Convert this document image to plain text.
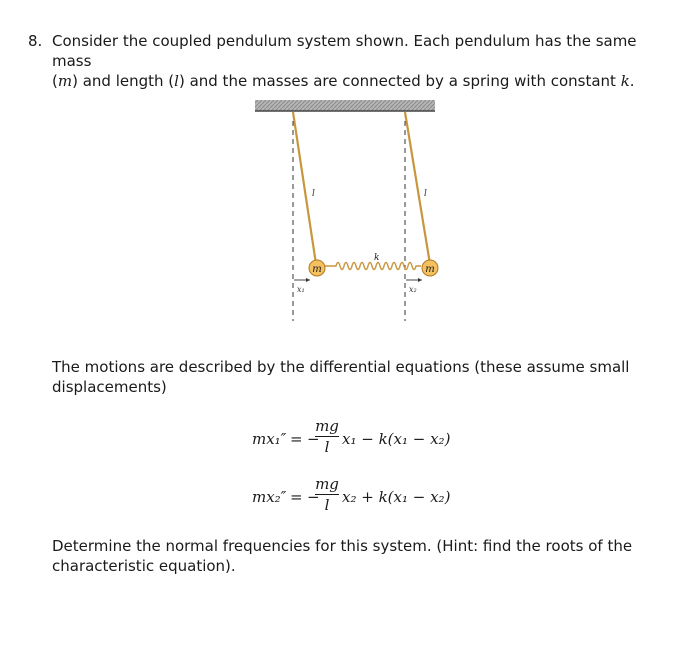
8. Consider the coupled pendulum system shown. Each pendulum has the same mass
(m) and length (l) and the masses are connected by a spring with constant k.
m	m
l	l
k
x₁	x₂
The motions are described by the differential equations (these assume small displacements)
mx₁″ = −
mg
l x₁ − k(x₁ − x₂)
mx₂″ = −
mg
l x₂ + k(x₁ − x₂)
Determine the normal frequencies for this system. (Hint: find the roots of the characteristic equation).
